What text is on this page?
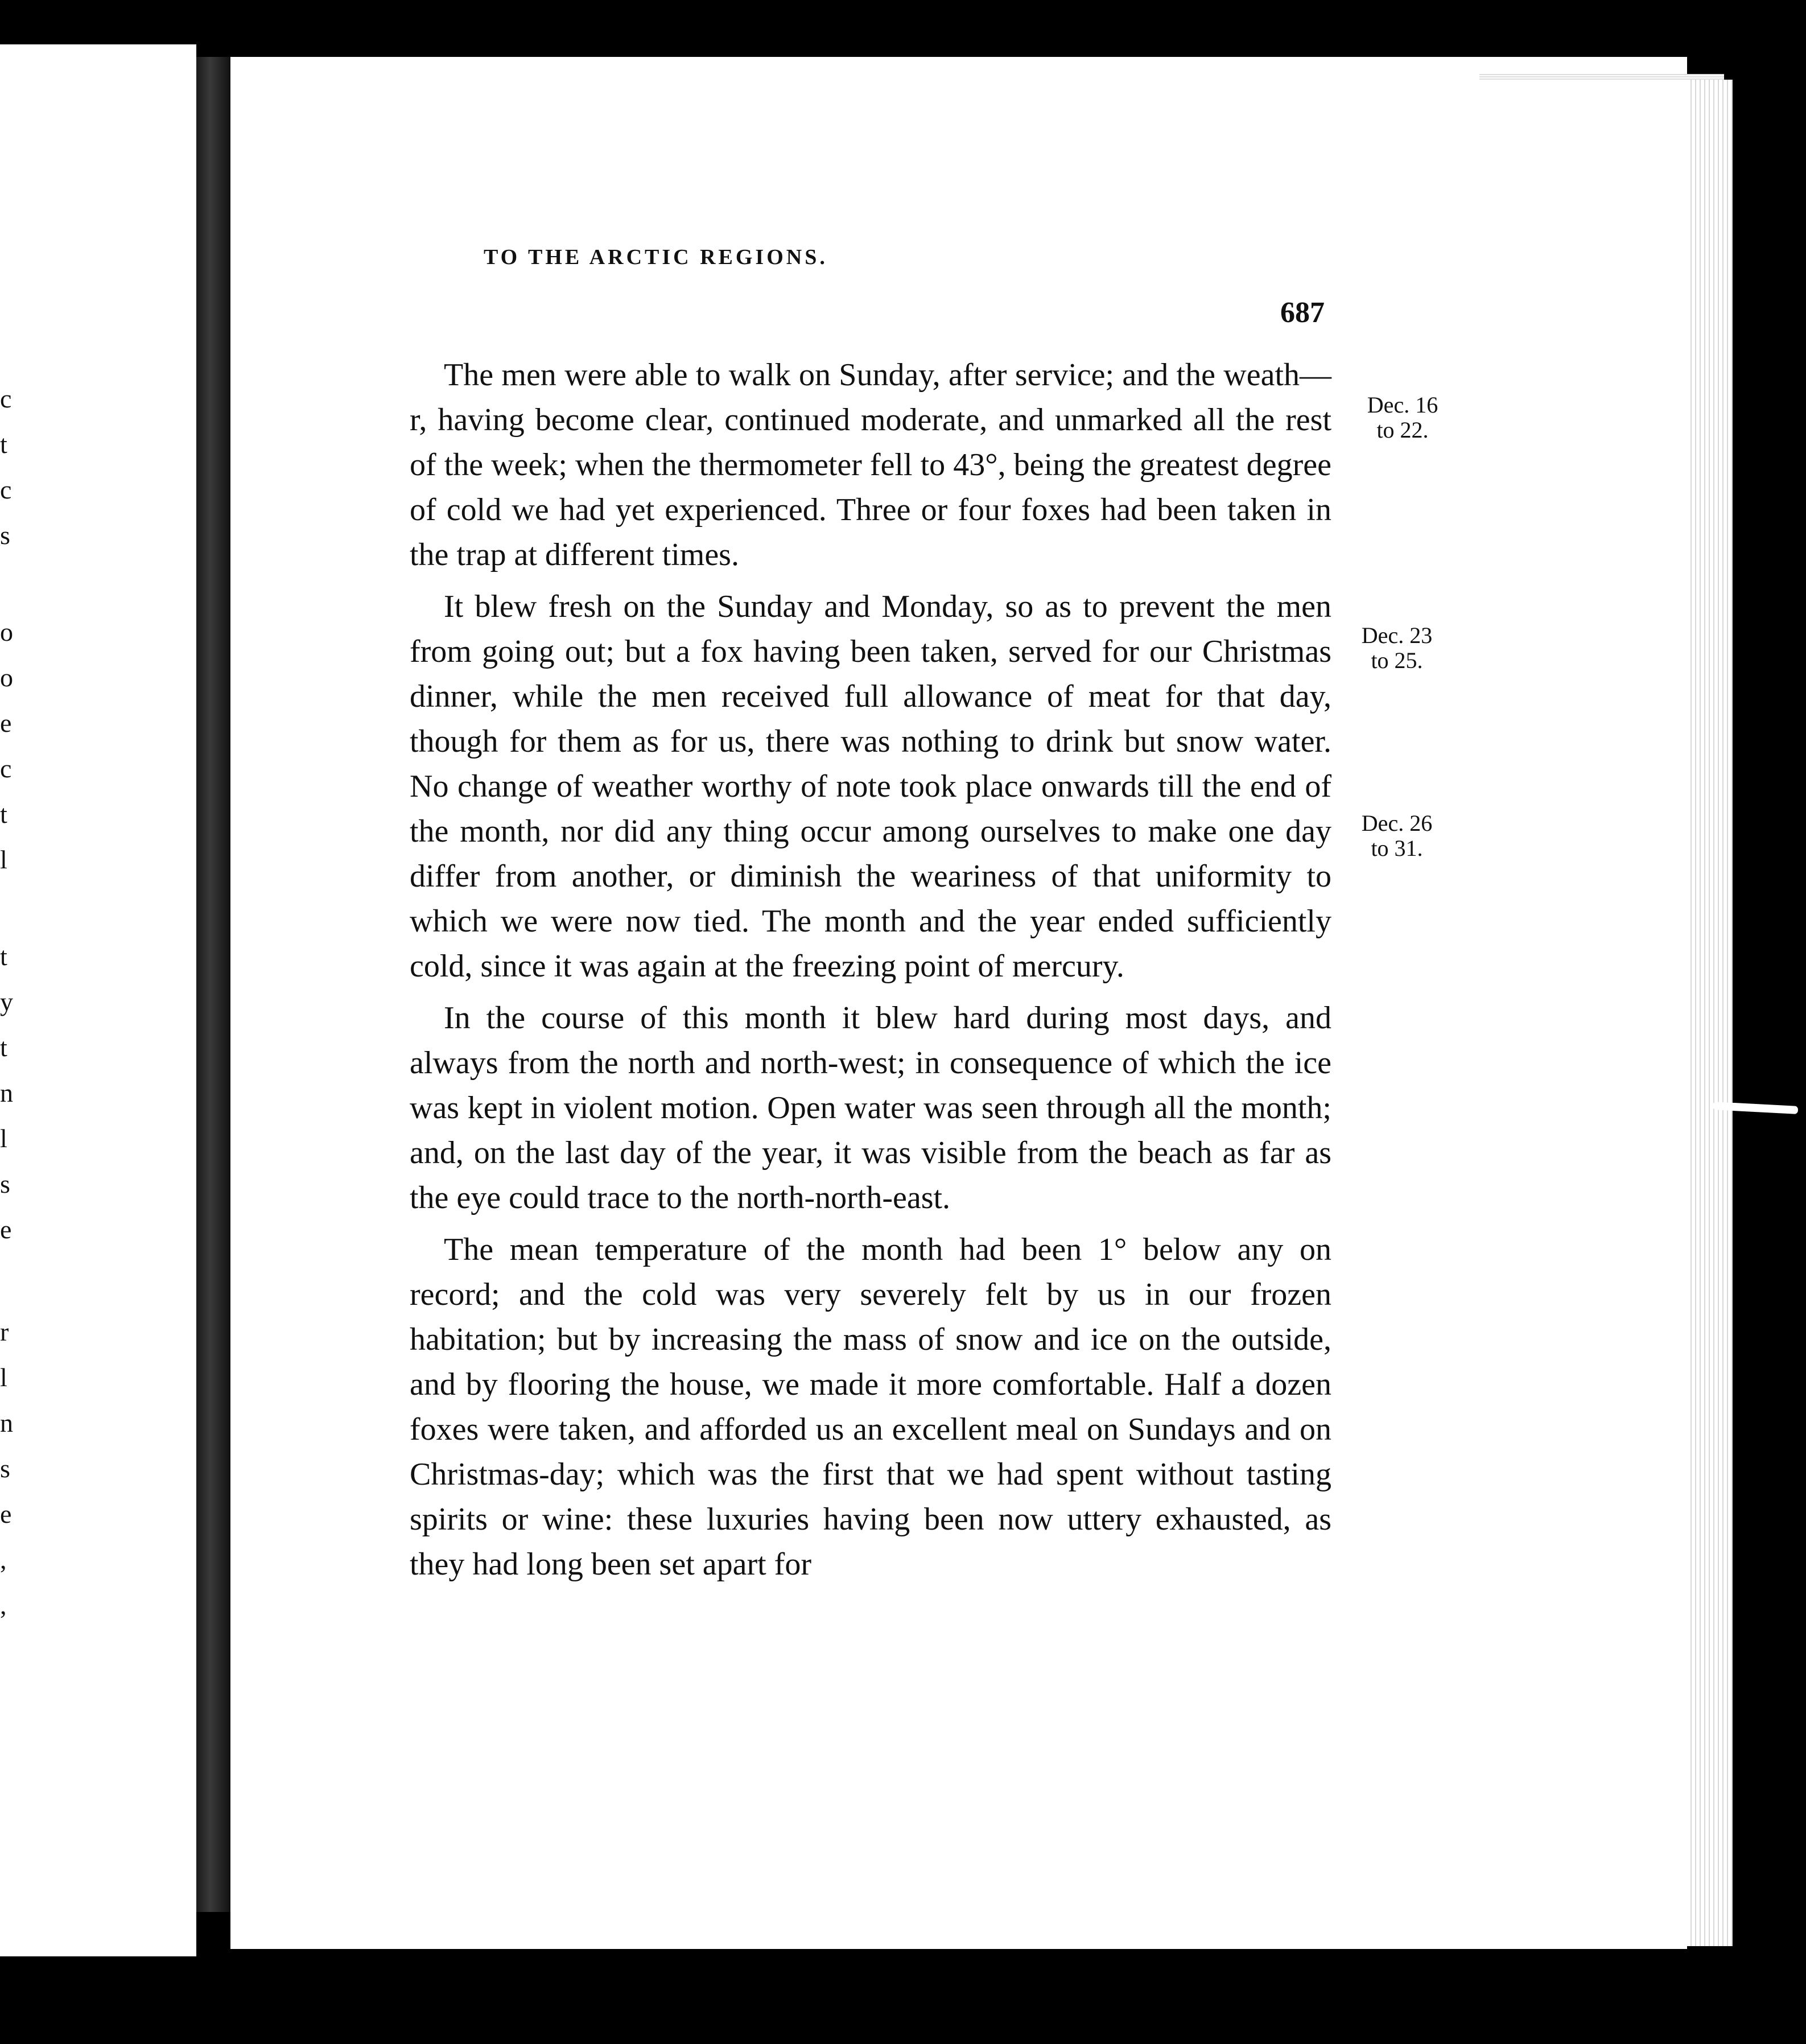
c
t
c
s
o
o
e
c
t
l
t
y
t
n
l
s
e
r
l
n
s
e
,
,
TO THE ARCTIC REGIONS.
687
Dec. 16
to 22.
Dec. 23
to 25.
Dec. 26
to 31.

The men were able to walk on Sunday, after service; and the weath—r, having become clear, continued moderate, and unmarked all the rest of the week; when the thermometer fell to 43°, being the greatest degree of cold we had yet experienced. Three or four foxes had been taken in the trap at different times.

It blew fresh on the Sunday and Monday, so as to prevent the men from going out; but a fox having been taken, served for our Christmas dinner, while the men received full allowance of meat for that day, though for them as for us, there was nothing to drink but snow water. No change of weather worthy of note took place onwards till the end of the month, nor did any thing occur among ourselves to make one day differ from another, or diminish the weariness of that uniformity to which we were now tied. The month and the year ended sufficiently cold, since it was again at the freezing point of mercury.

In the course of this month it blew hard during most days, and always from the north and north-west; in consequence of which the ice was kept in violent motion. Open water was seen through all the month; and, on the last day of the year, it was visible from the beach as far as the eye could trace to the north-north-east.

The mean temperature of the month had been 1° below any on record; and the cold was very severely felt by us in our frozen habitation; but by increasing the mass of snow and ice on the outside, and by flooring the house, we made it more comfortable. Half a dozen foxes were taken, and afforded us an excellent meal on Sundays and on Christmas-day; which was the first that we had spent without tasting spirits or wine: these luxuries having been now uttery exhausted, as they had long been set apart for
